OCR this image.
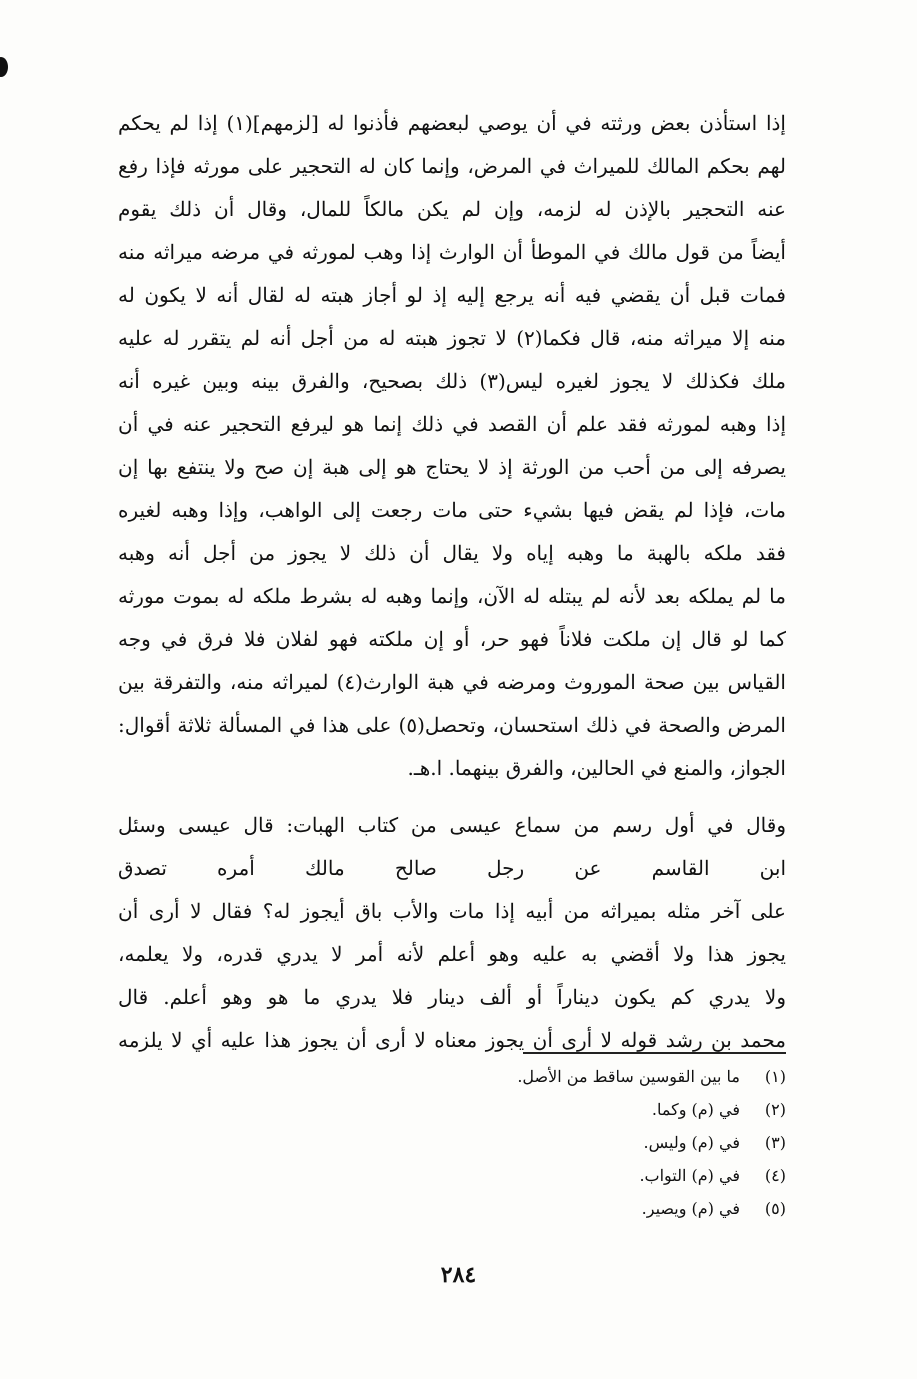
إذا استأذن بعض ورثته في أن يوصي لبعضهم فأذنوا له [لزمهم](١) إذا لم يحكم
لهم بحكم المالك للميراث في المرض، وإنما كان له التحجير على مورثه فإذا رفع
عنه التحجير بالإذن له لزمه، وإن لم يكن مالكاً للمال، وقال أن ذلك يقوم
أيضاً من قول مالك في الموطأ أن الوارث إذا وهب لمورثه في مرضه ميراثه منه
فمات قبل أن يقضي فيه أنه يرجع إليه إذ لو أجاز هبته له لقال أنه لا يكون له
منه إلا ميراثه منه، قال فكما(٢) لا تجوز هبته له من أجل أنه لم يتقرر له عليه
ملك فكذلك لا يجوز لغيره ليس(٣) ذلك بصحيح، والفرق بينه وبين غيره أنه
إذا وهبه لمورثه فقد علم أن القصد في ذلك إنما هو ليرفع التحجير عنه في أن
يصرفه إلى من أحب من الورثة إذ لا يحتاج هو إلى هبة إن صح ولا ينتفع بها إن
مات، فإذا لم يقض فيها بشيء حتى مات رجعت إلى الواهب، وإذا وهبه لغيره
فقد ملكه بالهبة ما وهبه إياه ولا يقال أن ذلك لا يجوز من أجل أنه وهبه
ما لم يملكه بعد لأنه لم يبتله له الآن، وإنما وهبه له بشرط ملكه له بموت مورثه
كما لو قال إن ملكت فلاناً فهو حر، أو إن ملكته فهو لفلان فلا فرق في وجه
القياس بين صحة الموروث ومرضه في هبة الوارث(٤) لميراثه منه، والتفرقة بين
المرض والصحة في ذلك استحسان، وتحصل(٥) على هذا في المسألة ثلاثة أقوال:
الجواز، والمنع في الحالين، والفرق بينهما. ا.هـ.
وقال في أول رسم من سماع عيسى من كتاب الهبات: قال عيسى وسئل
ابن القاسم عن رجل صالح مالك أمره تصدق
على آخر مثله بميراثه من أبيه إذا مات والأب باق أيجوز له؟ فقال لا أرى أن
يجوز هذا ولا أقضي به عليه وهو أعلم لأنه أمر لا يدري قدره، ولا يعلمه،
ولا يدري كم يكون ديناراً أو ألف دينار فلا يدري ما هو وهو أعلم. قال
محمد بن رشد قوله لا أرى أن يجوز معناه لا أرى أن يجوز هذا عليه أي لا يلزمه
(١)
ما بين القوسين ساقط من الأصل.
(٢)
في (م) وكما.
(٣)
في (م) وليس.
(٤)
في (م) التواب.
(٥)
في (م) ويصير.
٢٨٤
